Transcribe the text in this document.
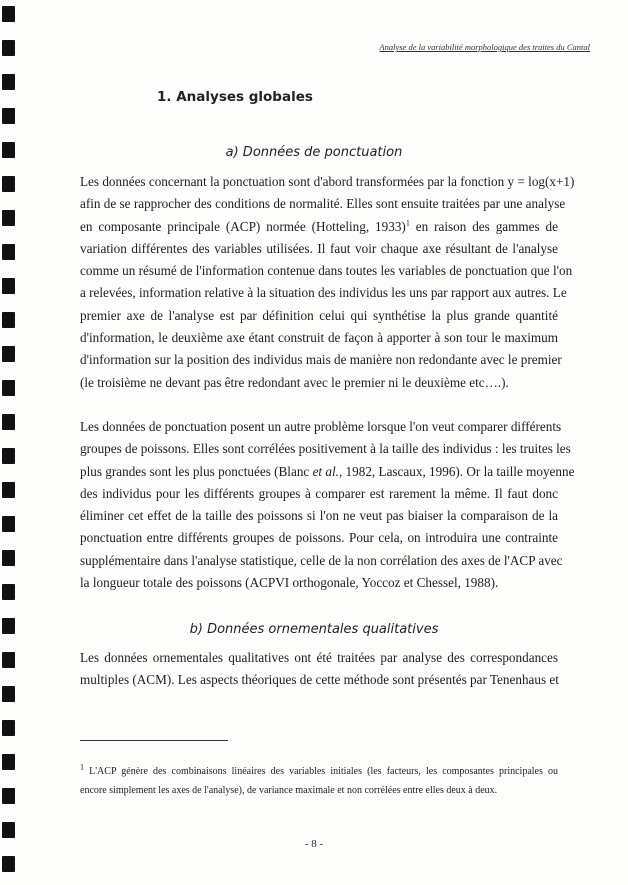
Analyse de la variabilité morphologique des truites du Cantal
1. Analyses globales
a) Données de ponctuation
Les données concernant la ponctuation sont d'abord transformées par la fonction y = log(x+1)
afin de se rapprocher des conditions de normalité. Elles sont ensuite traitées par une analyse
en composante principale (ACP) normée (Hotteling, 1933)$^1$ en raison des gammes de
variation différentes des variables utilisées. Il faut voir chaque axe résultant de l'analyse
comme un résumé de l'information contenue dans toutes les variables de ponctuation que l'on
a relevées, information relative à la situation des individus les uns par rapport aux autres. Le
premier axe de l'analyse est par définition celui qui synthétise la plus grande quantité
d'information, le deuxième axe étant construit de façon à apporter à son tour le maximum
d'information sur la position des individus mais de manière non redondante avec le premier
(le troisième ne devant pas être redondant avec le premier ni le deuxième etc….).
Les données de ponctuation posent un autre problème lorsque l'on veut comparer différents
groupes de poissons. Elles sont corrélées positivement à la taille des individus : les truites les
plus grandes sont les plus ponctuées (Blanc et al., 1982, Lascaux, 1996). Or la taille moyenne
des individus pour les différents groupes à comparer est rarement la même. Il faut donc
éliminer cet effet de la taille des poissons si l'on ne veut pas biaiser la comparaison de la
ponctuation entre différents groupes de poissons. Pour cela, on introduira une contrainte
supplémentaire dans l'analyse statistique, celle de la non corrélation des axes de l'ACP avec
la longueur totale des poissons (ACPVI orthogonale, Yoccoz et Chessel, 1988).
b) Données ornementales qualitatives
Les données ornementales qualitatives ont été traitées par analyse des correspondances
multiples (ACM). Les aspects théoriques de cette méthode sont présentés par Tenenhaus et
$^1$ L'ACP génère des combinaisons linéaires des variables initiales (les facteurs, les composantes principales ou
encore simplement les axes de l'analyse), de variance maximale et non corrélées entre elles deux à deux.
- 8 -
